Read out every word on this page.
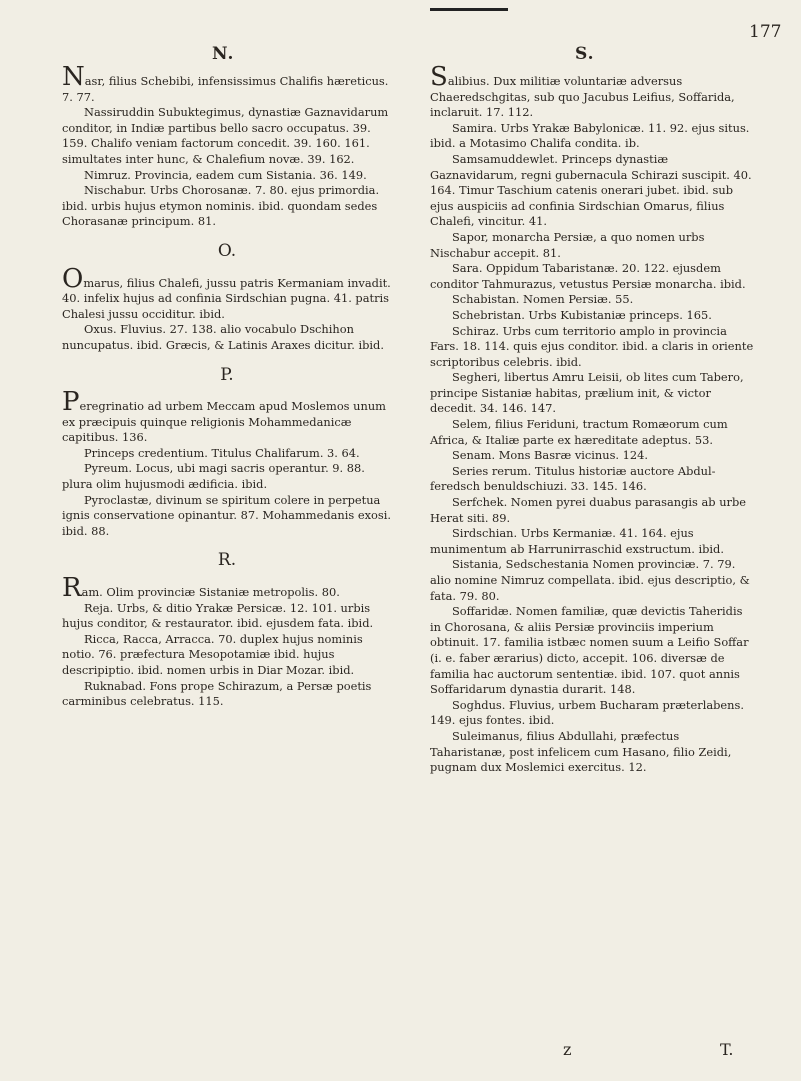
177
N.	S.

Nasr, filius Schebibi, infensissimus Chalifis hæreticus. 7. 77.

Nassiruddin Subuktegimus, dynastiæ Gaznavidarum conditor, in Indiæ partibus bello sacro occupatus. 39. 159. Chalifo veniam factorum concedit. 39. 160. 161. simultates inter hunc, & Chalefium novæ. 39. 162.

Nimruz. Provincia, eadem cum Sistania. 36. 149.

Nischabur. Urbs Chorosanæ. 7. 80. ejus primordia. ibid. urbis hujus etymon nominis. ibid. quondam sedes Chorasanæ principum. 81.

O.

Omarus, filius Chalefi, jussu patris Kermaniam invadit. 40. infelix hujus ad confinia Sirdschian pugna. 41. patris Chalesi jussu occiditur. ibid.

Oxus. Fluvius. 27. 138. alio vocabulo Dschihon nuncupatus. ibid. Græcis, & Latinis Araxes dicitur. ibid.

P.

Peregrinatio ad urbem Meccam apud Moslemos unum ex præcipuis quinque religionis Mohammedanicæ capitibus. 136.

Princeps credentium. Titulus Chalifarum. 3. 64.

Pyreum. Locus, ubi magi sacris operantur. 9. 88. plura olim hujusmodi ædificia. ibid.

Pyroclastæ, divinum se spiritum colere in perpetua ignis conservatione opinantur. 87. Mohammedanis exosi. ibid. 88.

R.

Ram. Olim provinciæ Sistaniæ metropolis. 80.

Reja. Urbs, & ditio Yrakæ Persicæ. 12. 101. urbis hujus conditor, & restaurator. ibid. ejusdem fata. ibid.

Ricca, Racca, Arracca. 70. duplex hujus nominis notio. 76. præfectura Mesopotamiæ ibid. hujus descripiptio. ibid. nomen urbis in Diar Mozar. ibid.

Ruknabad. Fons prope Schirazum, a Persæ poetis carminibus celebratus. 115.

Salibius. Dux militiæ voluntariæ adversus Chaeredschgitas, sub quo Jacubus Leifius, Soffarida, inclaruit. 17. 112.

Samira. Urbs Yrakæ Babylonicæ. 11. 92. ejus situs. ibid. a Motasimo Chalifa condita. ib.

Samsamuddewlet. Princeps dynastiæ Gaznavidarum, regni gubernacula Schirazi suscipit. 40. 164. Timur Taschium catenis onerari jubet. ibid. sub ejus auspiciis ad confinia Sirdschian Omarus, filius Chalefi, vincitur. 41.

Sapor, monarcha Persiæ, a quo nomen urbs Nischabur accepit. 81.

Sara. Oppidum Tabaristanæ. 20. 122. ejusdem conditor Tahmurazus, vetustus Persiæ monarcha. ibid.

Schabistan. Nomen Persiæ. 55.

Schebristan. Urbs Kubistaniæ princeps. 165.

Schiraz. Urbs cum territorio amplo in provincia Fars. 18. 114. quis ejus conditor. ibid. a claris in oriente scriptoribus celebris. ibid.

Segheri, libertus Amru Leisii, ob lites cum Tabero, principe Sistaniæ habitas, prælium init, & victor decedit. 34. 146. 147.

Selem, filius Feriduni, tractum Romæorum cum Africa, & Italiæ parte ex hæreditate adeptus. 53.

Senam. Mons Basræ vicinus. 124.

Series rerum. Titulus historiæ auctore Abdul-feredsch benuldschiuzi. 33. 145. 146.

Serfchek. Nomen pyrei duabus parasangis ab urbe Herat siti. 89.

Sirdschian. Urbs Kermaniæ. 41. 164. ejus munimentum ab Harrunirraschid exstructum. ibid.

Sistania, Sedschestania Nomen provinciæ. 7. 79. alio nomine Nimruz compellata. ibid. ejus descriptio, & fata. 79. 80.

Soffaridæ. Nomen familiæ, quæ devictis Taheridis in Chorosana, & aliis Persiæ provinciis imperium obtinuit. 17. familia istbæc nomen suum a Leifio Soffar (i. e. faber ærarius) dicto, accepit. 106. diversæ de familia hac auctorum sententiæ. ibid. 107. quot annis Soffaridarum dynastia durarit. 148.

Soghdus. Fluvius, urbem Bucharam præterlabens. 149. ejus fontes. ibid.

Suleimanus, filius Abdullahi, præfectus Taharistanæ, post infelicem cum Hasano, filio Zeidi, pugnam dux Moslemici exercitus. 12.

z	T.
